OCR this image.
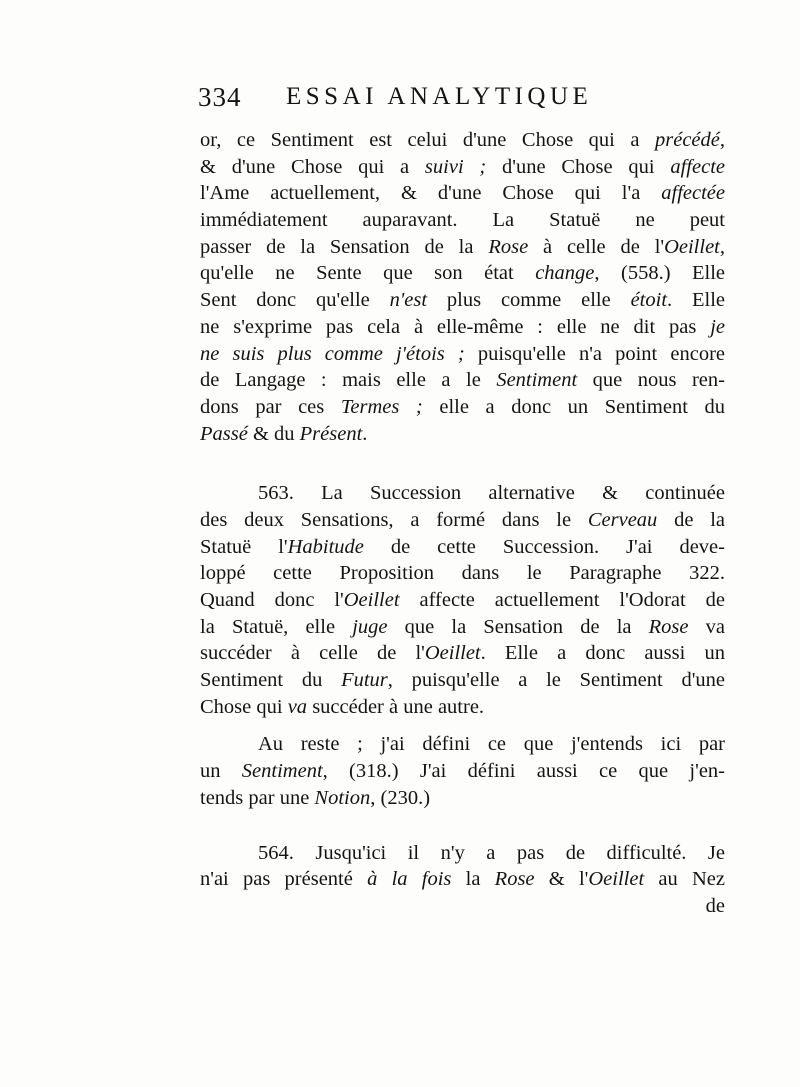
334 ESSAI ANALYTIQUE
or, ce Sentiment est celui d'une Chose qui a précédé,
& d'une Chose qui a suivi ; d'une Chose qui affecte
l'Ame actuellement, & d'une Chose qui l'a affectée
immédiatement auparavant. La Statuë ne peut
passer de la Sensation de la Rose à celle de l'Oeillet,
qu'elle ne Sente que son état change, (558.) Elle
Sent donc qu'elle n'est plus comme elle étoit. Elle
ne s'exprime pas cela à elle-même : elle ne dit pas je
ne suis plus comme j'étois ; puisqu'elle n'a point encore
de Langage : mais elle a le Sentiment que nous ren-
dons par ces Termes ; elle a donc un Sentiment du
Passé & du Présent.
563. La Succession alternative & continuée
des deux Sensations, a formé dans le Cerveau de la
Statuë l'Habitude de cette Succession. J'ai deve-
loppé cette Proposition dans le Paragraphe 322.
Quand donc l'Oeillet affecte actuellement l'Odorat de
la Statuë, elle juge que la Sensation de la Rose va
succéder à celle de l'Oeillet. Elle a donc aussi un
Sentiment du Futur, puisqu'elle a le Sentiment d'une
Chose qui va succéder à une autre.
Au reste ; j'ai défini ce que j'entends ici par
un Sentiment, (318.) J'ai défini aussi ce que j'en-
tends par une Notion, (230.)
564. Jusqu'ici il n'y a pas de difficulté. Je
n'ai pas présenté à la fois la Rose & l'Oeillet au Nez
de
